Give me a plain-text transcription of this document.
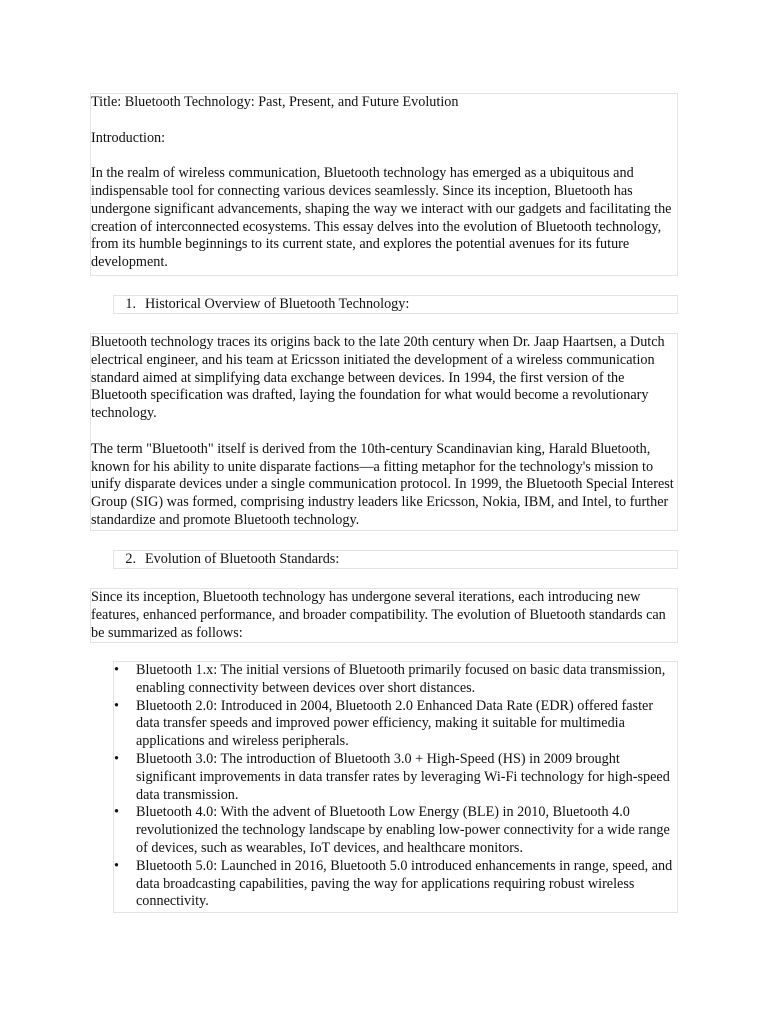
Title: Bluetooth Technology: Past, Present, and Future Evolution

Introduction:

In the realm of wireless communication, Bluetooth technology has emerged as a ubiquitous and indispensable tool for connecting various devices seamlessly. Since its inception, Bluetooth has undergone significant advancements, shaping the way we interact with our gadgets and facilitating the creation of interconnected ecosystems. This essay delves into the evolution of Bluetooth technology, from its humble beginnings to its current state, and explores the potential avenues for its future development.

1. Historical Overview of Bluetooth Technology:

Bluetooth technology traces its origins back to the late 20th century when Dr. Jaap Haartsen, a Dutch electrical engineer, and his team at Ericsson initiated the development of a wireless communication standard aimed at simplifying data exchange between devices. In 1994, the first version of the Bluetooth specification was drafted, laying the foundation for what would become a revolutionary technology.

The term "Bluetooth" itself is derived from the 10th-century Scandinavian king, Harald Bluetooth, known for his ability to unite disparate factions—a fitting metaphor for the technology's mission to unify disparate devices under a single communication protocol. In 1999, the Bluetooth Special Interest Group (SIG) was formed, comprising industry leaders like Ericsson, Nokia, IBM, and Intel, to further standardize and promote Bluetooth technology.

2. Evolution of Bluetooth Standards:

Since its inception, Bluetooth technology has undergone several iterations, each introducing new features, enhanced performance, and broader compatibility. The evolution of Bluetooth standards can be summarized as follows:

•	Bluetooth 1.x: The initial versions of Bluetooth primarily focused on basic data transmission, enabling connectivity between devices over short distances.
•	Bluetooth 2.0: Introduced in 2004, Bluetooth 2.0 Enhanced Data Rate (EDR) offered faster data transfer speeds and improved power efficiency, making it suitable for multimedia applications and wireless peripherals.
•	Bluetooth 3.0: The introduction of Bluetooth 3.0 + High-Speed (HS) in 2009 brought significant improvements in data transfer rates by leveraging Wi-Fi technology for high-speed data transmission.
•	Bluetooth 4.0: With the advent of Bluetooth Low Energy (BLE) in 2010, Bluetooth 4.0 revolutionized the technology landscape by enabling low-power connectivity for a wide range of devices, such as wearables, IoT devices, and healthcare monitors.
•	Bluetooth 5.0: Launched in 2016, Bluetooth 5.0 introduced enhancements in range, speed, and data broadcasting capabilities, paving the way for applications requiring robust wireless connectivity.
